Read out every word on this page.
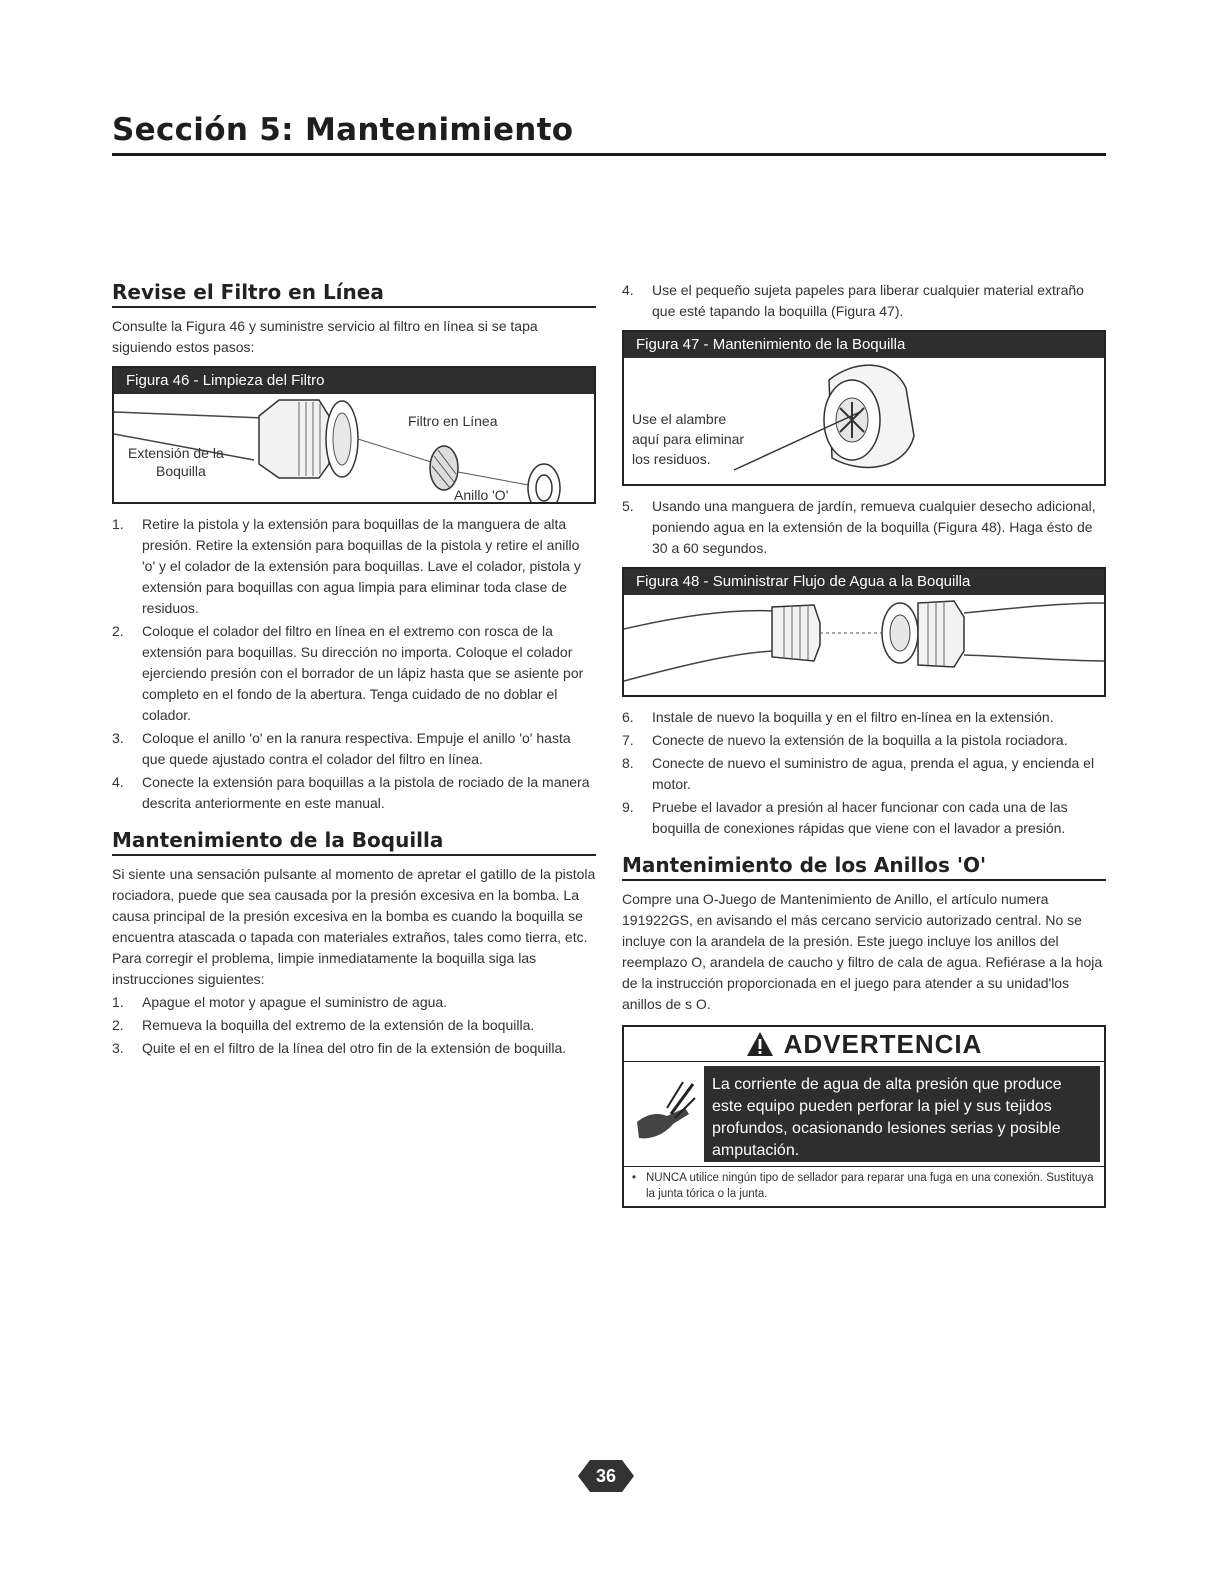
Sección 5: Mantenimiento
Revise el Filtro en Línea

Consulte la Figura 46 y suministre servicio al filtro en línea si se tapa siguiendo estos pasos:

Figura 46 - Limpieza del Filtro
Filtro en Línea
Extensión de la
Boquilla
Anillo 'O'
1.	Retire la pistola y la extensión para boquillas de la manguera de alta presión. Retire la extensión para boquillas de la pistola y retire el anillo 'o' y el colador de la extensión para boquillas. Lave el colador, pistola y extensión para boquillas con agua limpia para eliminar toda clase de residuos.
2.	Coloque el colador del filtro en línea en el extremo con rosca de la extensión para boquillas. Su dirección no importa. Coloque el colador ejerciendo presión con el borrador de un lápiz hasta que se asiente por completo en el fondo de la abertura. Tenga cuidado de no doblar el colador.
3.	Coloque el anillo 'o' en la ranura respectiva. Empuje el anillo 'o' hasta que quede ajustado contra el colador del filtro en línea.
4.	Conecte la extensión para boquillas a la pistola de rociado de la manera descrita anteriormente en este manual.
Mantenimiento de la Boquilla

Si siente una sensación pulsante al momento de apretar el gatillo de la pistola rociadora, puede que sea causada por la presión excesiva en la bomba. La causa principal de la presión excesiva en la bomba es cuando la boquilla se encuentra atascada o tapada con materiales extraños, tales como tierra, etc. Para corregir el problema, limpie inmediatamente la boquilla siga las instrucciones siguientes:

1.	Apague el motor y apague el suministro de agua.
2.	Remueva la boquilla del extremo de la extensión de la boquilla.
3.	Quite el en el filtro de la línea del otro fin de la extensión de boquilla.
4.	Use el pequeño sujeta papeles para liberar cualquier material extraño que esté tapando la boquilla (Figura 47).
Figura 47 - Mantenimiento de la Boquilla
Use el alambre
aquí para eliminar
los residuos.
5.	Usando una manguera de jardín, remueva cualquier desecho adicional, poniendo agua en la extensión de la boquilla (Figura 48). Haga ésto de 30 a 60 segundos.
Figura 48 - Suministrar Flujo de Agua a la Boquilla
6.	Instale de nuevo la boquilla y en el filtro en-línea en la extensión.
7.	Conecte de nuevo la extensión de la boquilla a la pistola rociadora.
8.	Conecte de nuevo el suministro de agua, prenda el agua, y encienda el motor.
9.	Pruebe el lavador a presión al hacer funcionar con cada una de las boquilla de conexiones rápidas que viene con el lavador a presión.
Mantenimiento de los Anillos 'O'

Compre una O-Juego de Mantenimiento de Anillo, el artículo numera 191922GS, en avisando el más cercano servicio autorizado central. No se incluye con la arandela de la presión. Este juego incluye los anillos del reemplazo O, arandela de caucho y filtro de cala de agua. Refiérase a la hoja de la instrucción proporcionada en el juego para atender a su unidad'los anillos de s O.

ADVERTENCIA
La corriente de agua de alta presión que produce este equipo pueden perforar la piel y sus tejidos profundos, ocasionando lesiones serias y posible amputación.
• NUNCA utilice ningún tipo de sellador para reparar una fuga en una conexión. Sustituya la junta tórica o la junta.
36
